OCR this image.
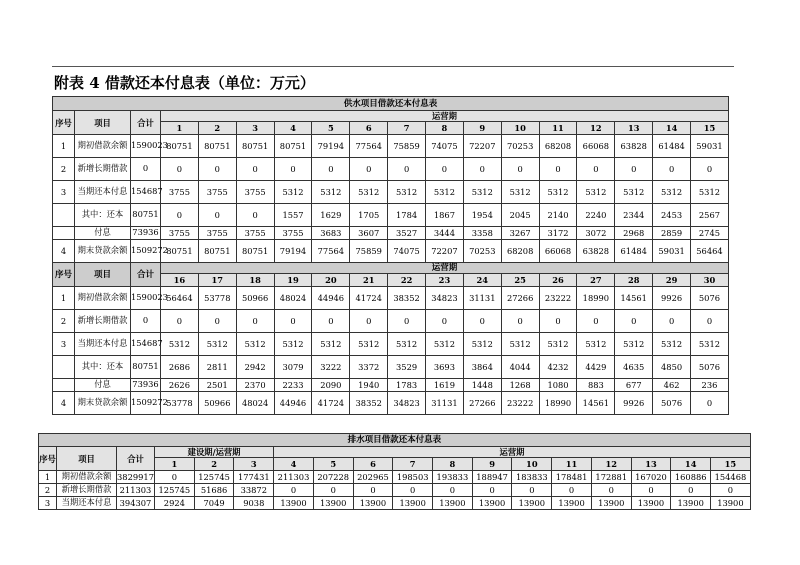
附表 4 借款还本付息表（单位：万元）
供水项目借款还本付息表																	
序号	项目	合计	运营期														
			1	2	3	4	5	6	7	8	9	10	11	12	13	14	15
1	期初借款余额	1590023	80751	80751	80751	80751	79194	77564	75859	74075	72207	70253	68208	66068	63828	61484	59031
2	新增长期借款	0	0	0	0	0	0	0	0	0	0	0	0	0	0	0	0
3	当期还本付息	154687	3755	3755	3755	5312	5312	5312	5312	5312	5312	5312	5312	5312	5312	5312	5312
	其中：还本	80751	0	0	0	1557	1629	1705	1784	1867	1954	2045	2140	2240	2344	2453	2567
	付息	73936	3755	3755	3755	3755	3683	3607	3527	3444	3358	3267	3172	3072	2968	2859	2745
4	期末贷款余额	1509272	80751	80751	80751	79194	77564	75859	74075	72207	70253	68208	66068	63828	61484	59031	56464
序号	项目	合计	运营期														
			16	17	18	19	20	21	22	23	24	25	26	27	28	29	30
1	期初借款余额	1590023	56464	53778	50966	48024	44946	41724	38352	34823	31131	27266	23222	18990	14561	9926	5076
2	新增长期借款	0	0	0	0	0	0	0	0	0	0	0	0	0	0	0	0
3	当期还本付息	154687	5312	5312	5312	5312	5312	5312	5312	5312	5312	5312	5312	5312	5312	5312	5312
	其中：还本	80751	2686	2811	2942	3079	3222	3372	3529	3693	3864	4044	4232	4429	4635	4850	5076
	付息	73936	2626	2501	2370	2233	2090	1940	1783	1619	1448	1268	1080	883	677	462	236
4	期末贷款余额	1509272	53778	50966	48024	44946	41724	38352	34823	31131	27266	23222	18990	14561	9926	5076	0
排水项目借款还本付息表																	
序号	项目	合计	建设期/运营期			运营期											
			1	2	3	4	5	6	7	8	9	10	11	12	13	14	15
1	期初借款余额	3829917	0	125745	177431	211303	207228	202965	198503	193833	188947	183833	178481	172881	167020	160886	154468
2	新增长期借款	211303	125745	51686	33872	0	0	0	0	0	0	0	0	0	0	0	0
3	当期还本付息	394307	2924	7049	9038	13900	13900	13900	13900	13900	13900	13900	13900	13900	13900	13900	13900
